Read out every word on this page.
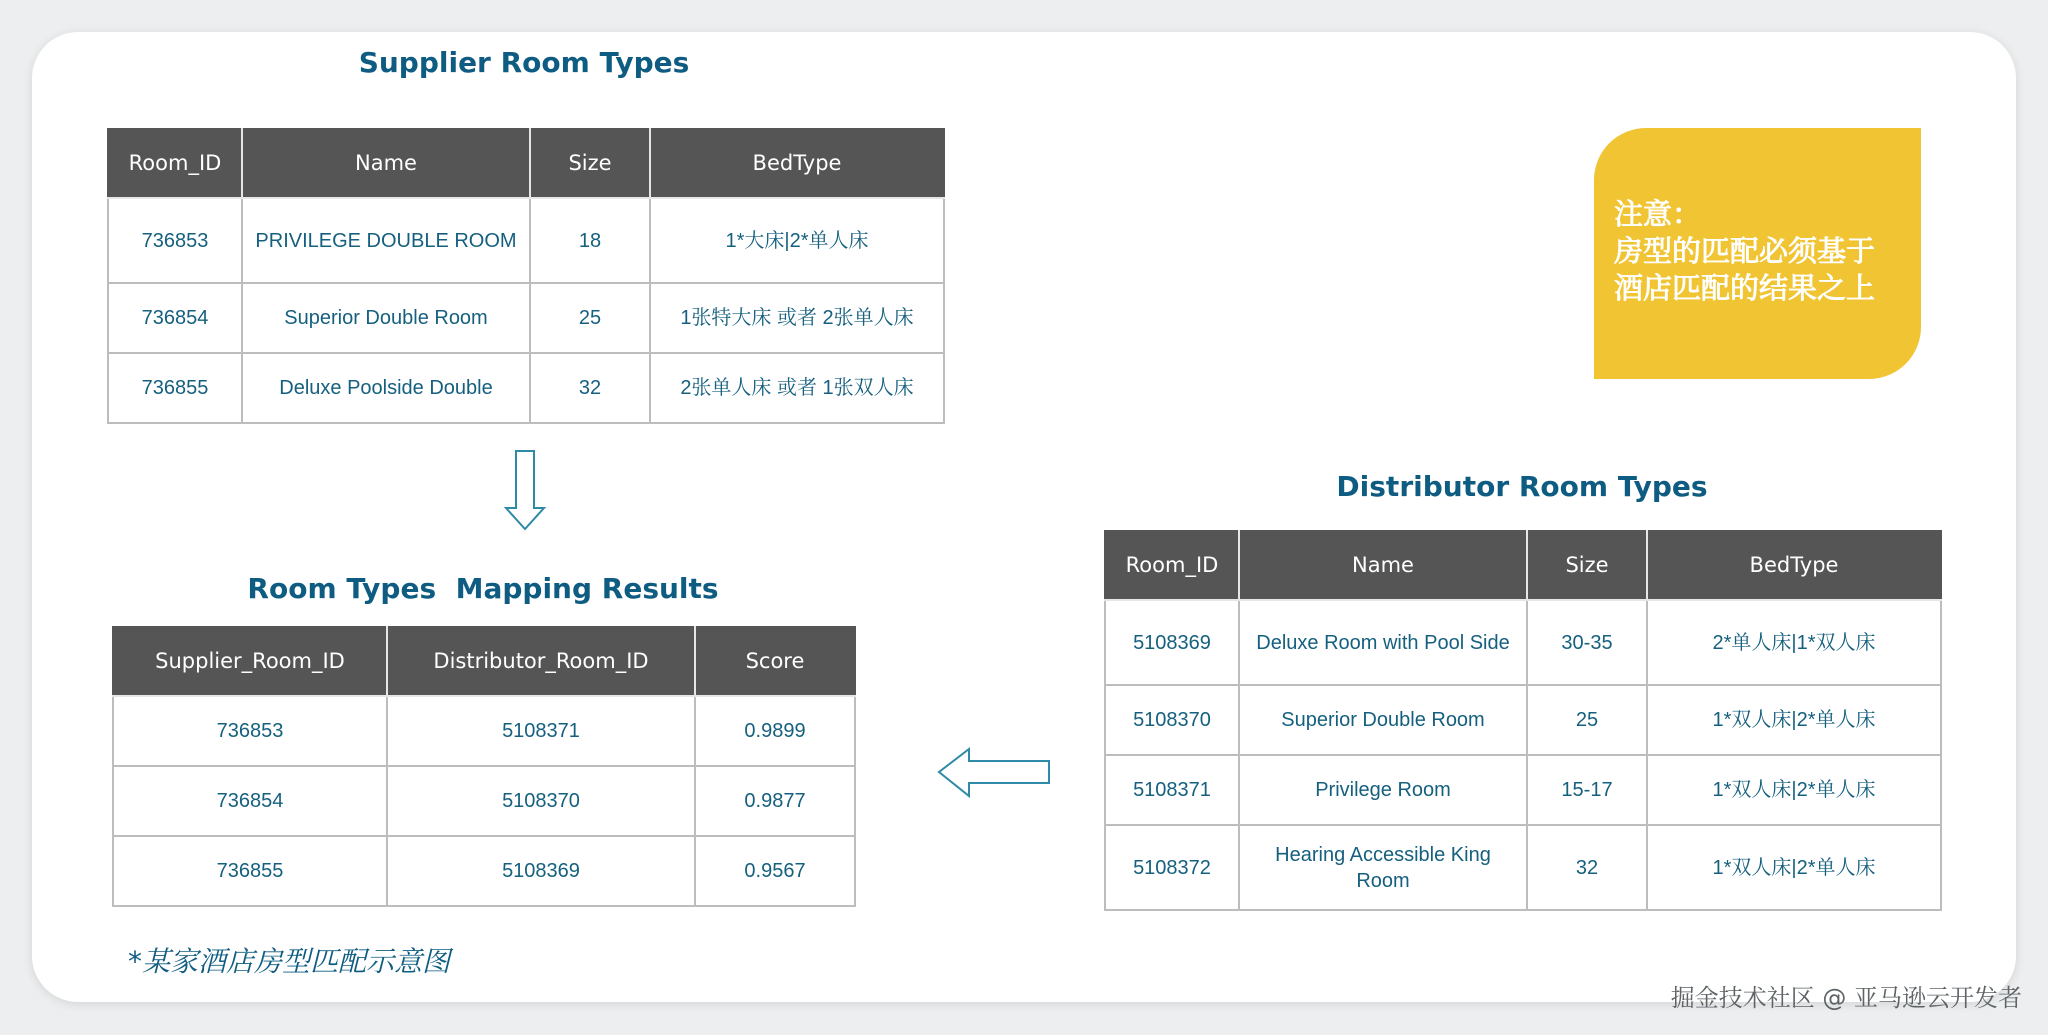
Supplier Room Types
Room_ID	Name	Size	BedType
736853	PRIVILEGE DOUBLE ROOM	18	1*大床|2*单人床
736854	Superior Double Room	25	1张特大床 或者 2张单人床
736855	Deluxe Poolside Double	32	2张单人床 或者 1张双人床
Room Types  Mapping Results
Supplier_Room_ID	Distributor_Room_ID	Score
736853	5108371	0.9899
736854	5108370	0.9877
736855	5108369	0.9567
Distributor Room Types
Room_ID	Name	Size	BedType
5108369	Deluxe Room with Pool Side	30-35	2*单人床|1*双人床
5108370	Superior Double Room	25	1*双人床|2*单人床
5108371	Privilege Room	15-17	1*双人床|2*单人床
5108372	Hearing Accessible King Room	32	1*双人床|2*单人床
注意：
房型的匹配必须基于
酒店匹配的结果之上
*某家酒店房型匹配示意图
掘金技术社区 @ 亚马逊云开发者
